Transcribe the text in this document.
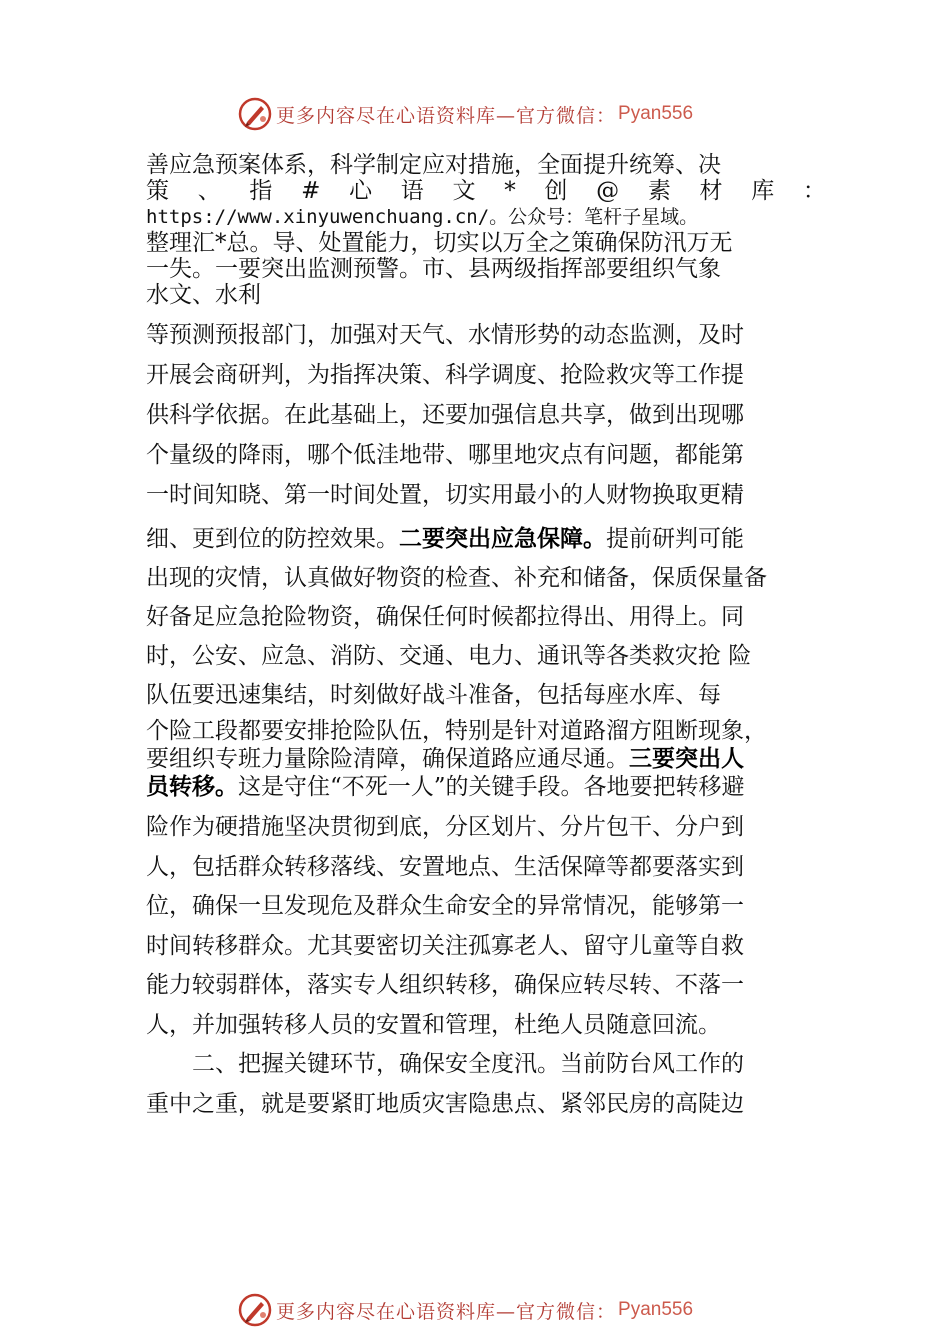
更多内容尽在心语资料库—官方微信： Pyan556
善应急预案体系，科学制定应对措施，全面提升统筹、决
策 、 指 # 心 语 文 * 创 @ 素 材 库 ：
https://www.xinyuwenchuang.cn/。公众号：笔杆子星域。
整理汇*总。导、处置能力，切实以万全之策确保防汛万无
一失。一要突出监测预警。市、县两级指挥部要组织气象
水文、水利
等预测预报部门，加强对天气、水情形势的动态监测，及时
开展会商研判，为指挥决策、科学调度、抢险救灾等工作提
供科学依据。在此基础上，还要加强信息共享，做到出现哪
个量级的降雨，哪个低洼地带、哪里地灾点有问题，都能第
一时间知晓、第一时间处置，切实用最小的人财物换取更精
细、更到位的防控效果。二要突出应急保障。提前研判可能
出现的灾情，认真做好物资的检查、补充和储备，保质保量备
好备足应急抢险物资，确保任何时候都拉得出、用得上。同
时，公安、应急、消防、交通、电力、通讯等各类救灾抢 险
队伍要迅速集结，时刻做好战斗准备，包括每座水库、每
个险工段都要安排抢险队伍，特别是针对道路溜方阻断现象，
要组织专班力量除险清障，确保道路应通尽通。三要突出人
员转移。这是守住“不死一人”的关键手段。各地要把转移避
险作为硬措施坚决贯彻到底，分区划片、分片包干、分户到
人，包括群众转移落线、安置地点、生活保障等都要落实到
位，确保一旦发现危及群众生命安全的异常情况，能够第一
时间转移群众。尤其要密切关注孤寡老人、留守儿童等自救
能力较弱群体，落实专人组织转移，确保应转尽转、不落一
人，并加强转移人员的安置和管理，杜绝人员随意回流。
　　二、把握关键环节，确保安全度汛。当前防台风工作的
重中之重，就是要紧盯地质灾害隐患点、紧邻民房的高陡边
更多内容尽在心语资料库—官方微信： Pyan556
